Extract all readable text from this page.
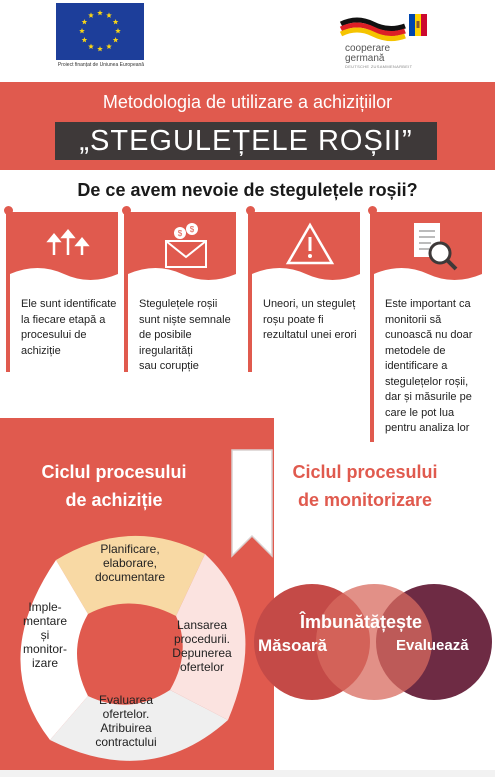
Proiect finanțat de Uniunea Europeană
cooperare
germană
DEUTSCHE ZUSAMMENARBEIT
Metodologia de utilizare a achizițiilor
„STEGULEȚELE ROȘII”
De ce avem nevoie de stegulețele roșii?
Ele sunt identificate
la fiecare etapă a
procesului de
achiziție
$ $
Stegulețele roșii
sunt niște semnale
de posibile
iregularități
sau corupție
Uneori, un steguleț
roșu poate fi
rezultatul unei erori
Este important ca
monitorii să
cunoască nu doar
metodele de
identificare a
stegulețelor roșii,
dar și măsurile pe
care le pot lua
pentru analiza lor
Ciclul procesului
de achiziție
Planificare,
elaborare,
documentare
Lansarea
procedurii.
Depunerea
ofertelor
Evaluarea
ofertelor.
Atribuirea
contractului
Imple-
mentare
și
monitor-
izare
Ciclul procesului
de monitorizare
Măsoară
Îmbunătățește
Evaluează
